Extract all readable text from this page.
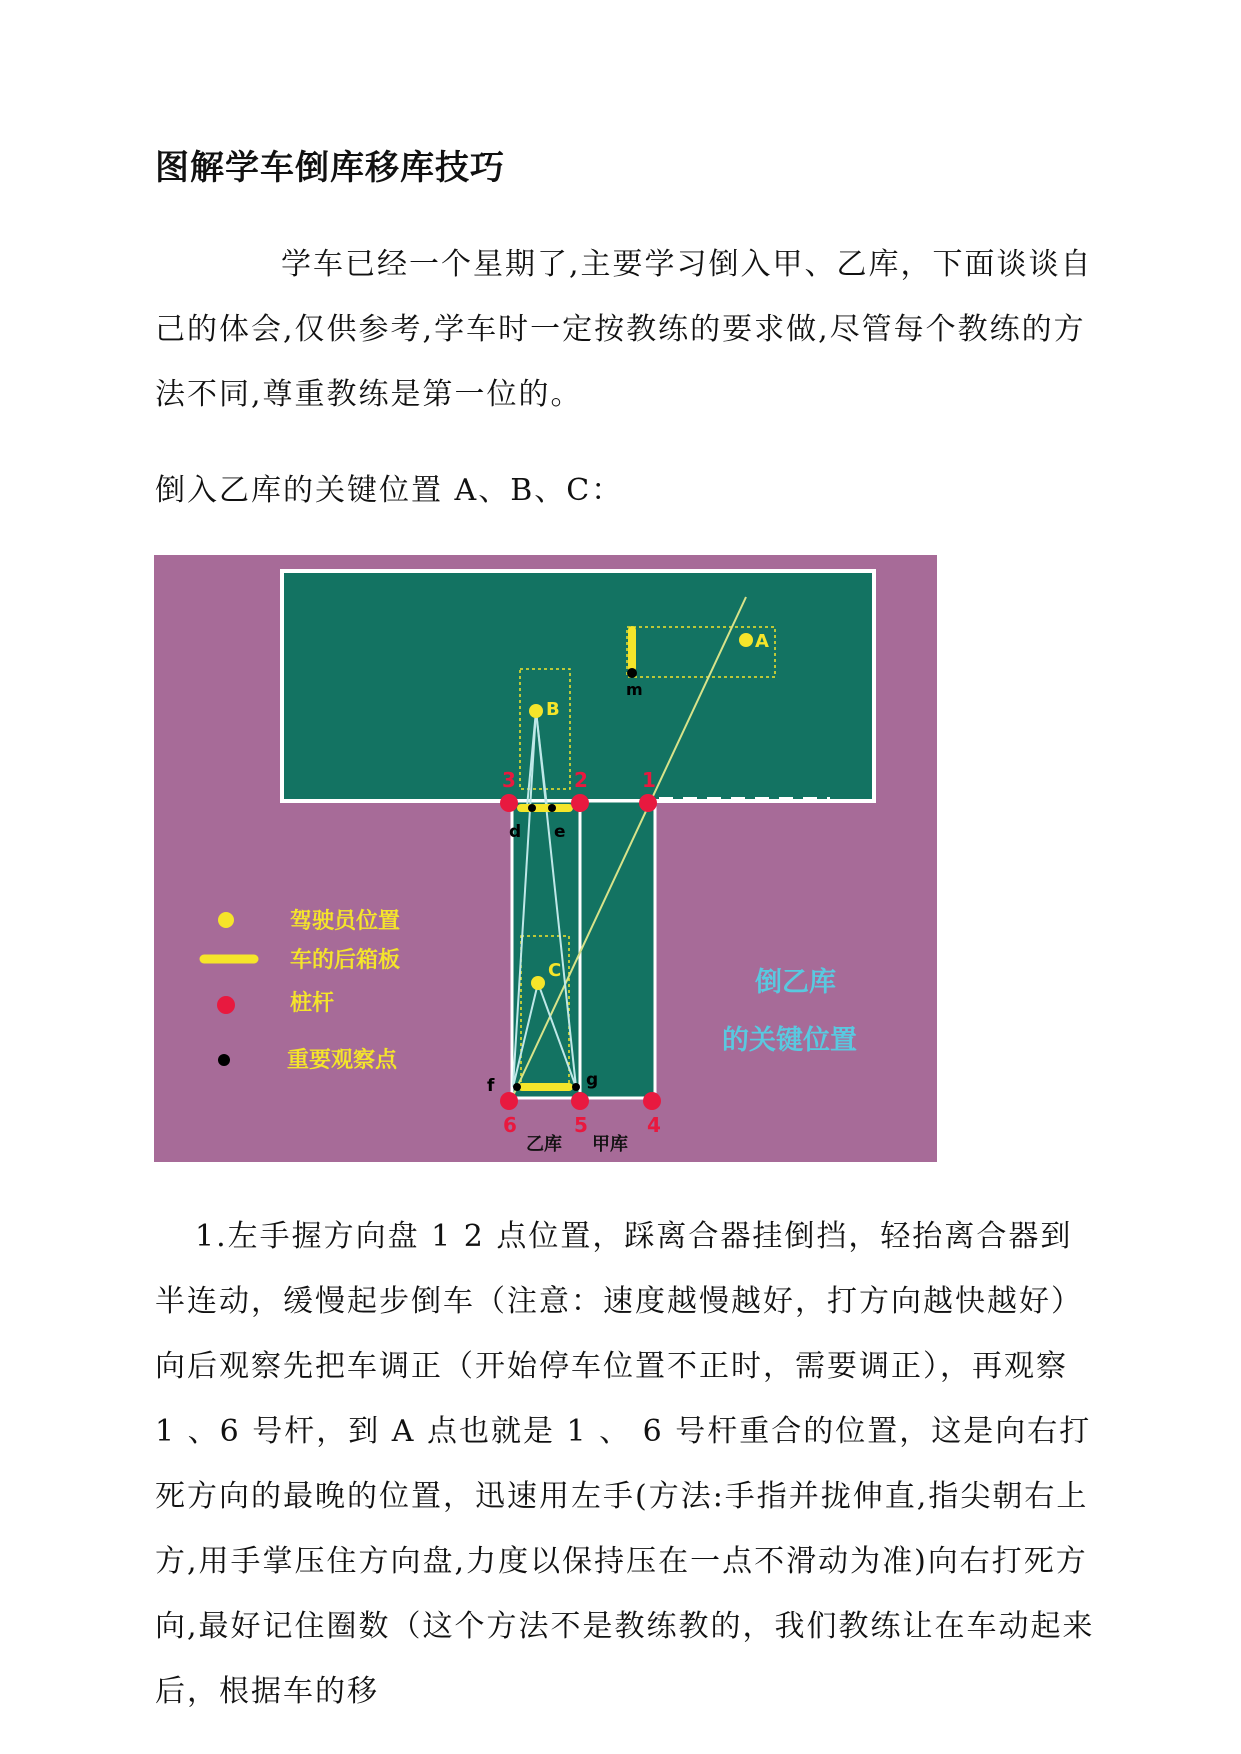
图解学车倒库移库技巧
学车已经一个星期了,主要学习倒入甲、乙库，下面谈谈自己的体会,仅供参考,学车时一定按教练的要求做,尽管每个教练的方法不同,尊重教练是第一位的。
倒入乙库的关键位置 A、B、C：
A
B
C
m
d e
f	g
1
2
3
4
5
6
乙库 甲库
驾驶员位置
车的后箱板
桩杆
重要观察点
倒乙库
的关键位置
1.左手握方向盘 1 2 点位置，踩离合器挂倒挡，轻抬离合器到半连动，缓慢起步倒车（注意：速度越慢越好，打方向越快越好）向后观察先把车调正（开始停车位置不正时，需要调正），再观察 1 、6 号杆，到 A 点也就是 1 、 6 号杆重合的位置，这是向右打死方向的最晚的位置，迅速用左手(方法:手指并拢伸直,指尖朝右上方,用手掌压住方向盘,力度以保持压在一点不滑动为准)向右打死方向,最好记住圈数（这个方法不是教练教的，我们教练让在车动起来后，根据车的移
